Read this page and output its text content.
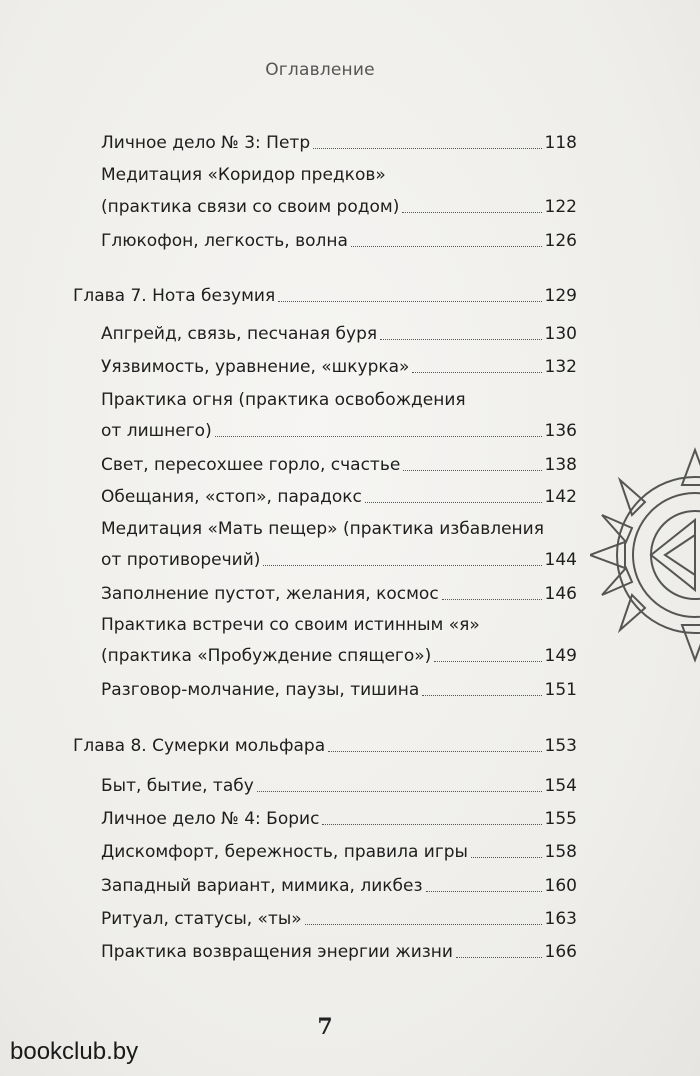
Оглавление
Личное дело № 3: Петр	118
Медитация «Коридор предков»
(практика связи со своим родом)	122
Глюкофон, легкость, волна	126
Глава 7. Нота безумия	129
Апгрейд, связь, песчаная буря	130
Уязвимость, уравнение, «шкурка»	132
Практика огня (практика освобождения
от лишнего)	136
Свет, пересохшее горло, счастье	138
Обещания, «стоп», парадокс	142
Медитация «Мать пещер» (практика избавления
от противоречий)	144
Заполнение пустот, желания, космос	146
Практика встречи со своим истинным «я»
(практика «Пробуждение спящего»)	149
Разговор-молчание, паузы, тишина	151
Глава 8. Сумерки мольфара	153
Быт, бытие, табу	154
Личное дело № 4: Борис	155
Дискомфорт, бережность, правила игры	158
Западный вариант, мимика, ликбез	160
Ритуал, статусы, «ты»	163
Практика возвращения энергии жизни	166
7
bookclub.by
